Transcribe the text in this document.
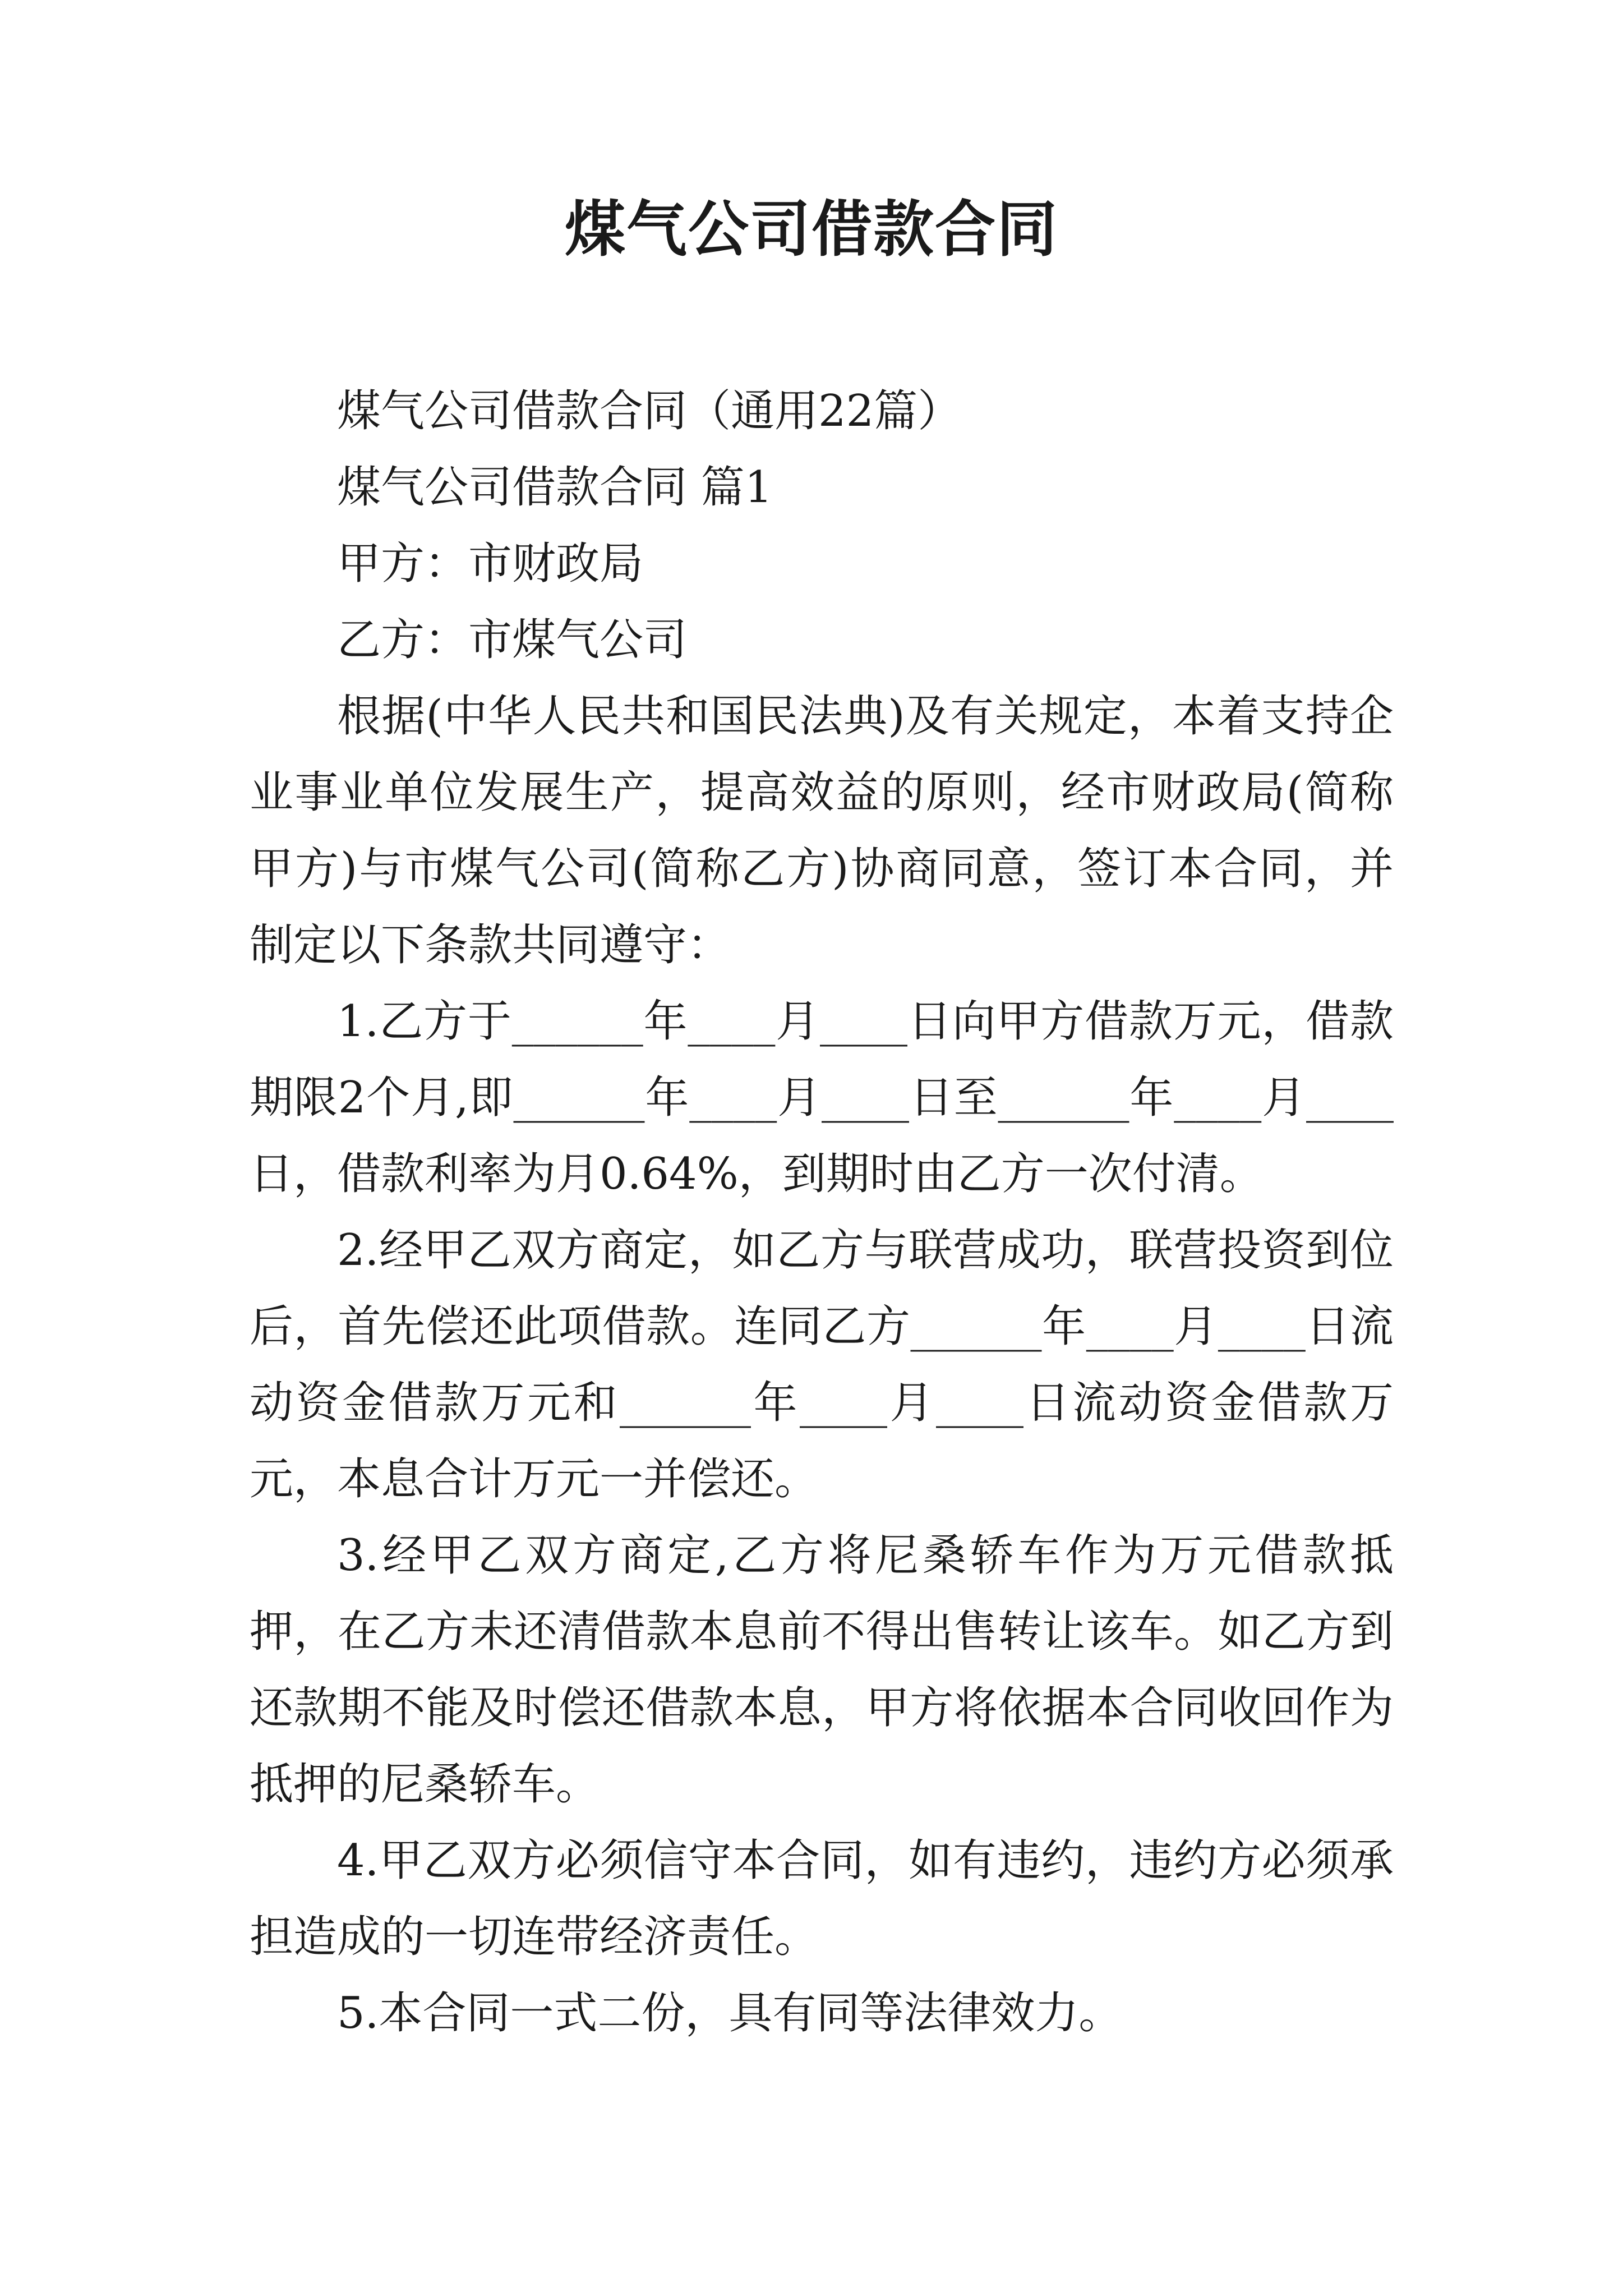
煤气公司借款合同

煤气公司借款合同（通用22篇）

煤气公司借款合同 篇1

甲方：市财政局

乙方：市煤气公司

根据(中华人民共和国民法典)及有关规定，本着支持企业事业单位发展生产，提高效益的原则，经市财政局(简称甲方)与市煤气公司(简称乙方)协商同意，签订本合同，并制定以下条款共同遵守：

1.乙方于______年____月____日向甲方借款万元，借款期限2个月,即______年____月____日至______年____月____日，借款利率为月0.64%，到期时由乙方一次付清。

2.经甲乙双方商定，如乙方与联营成功，联营投资到位后，首先偿还此项借款。连同乙方______年____月____日流动资金借款万元和______年____月____日流动资金借款万元，本息合计万元一并偿还。

3.经甲乙双方商定,乙方将尼桑轿车作为万元借款抵押，在乙方未还清借款本息前不得出售转让该车。如乙方到还款期不能及时偿还借款本息，甲方将依据本合同收回作为抵押的尼桑轿车。

4.甲乙双方必须信守本合同，如有违约，违约方必须承担造成的一切连带经济责任。

5.本合同一式二份，具有同等法律效力。
